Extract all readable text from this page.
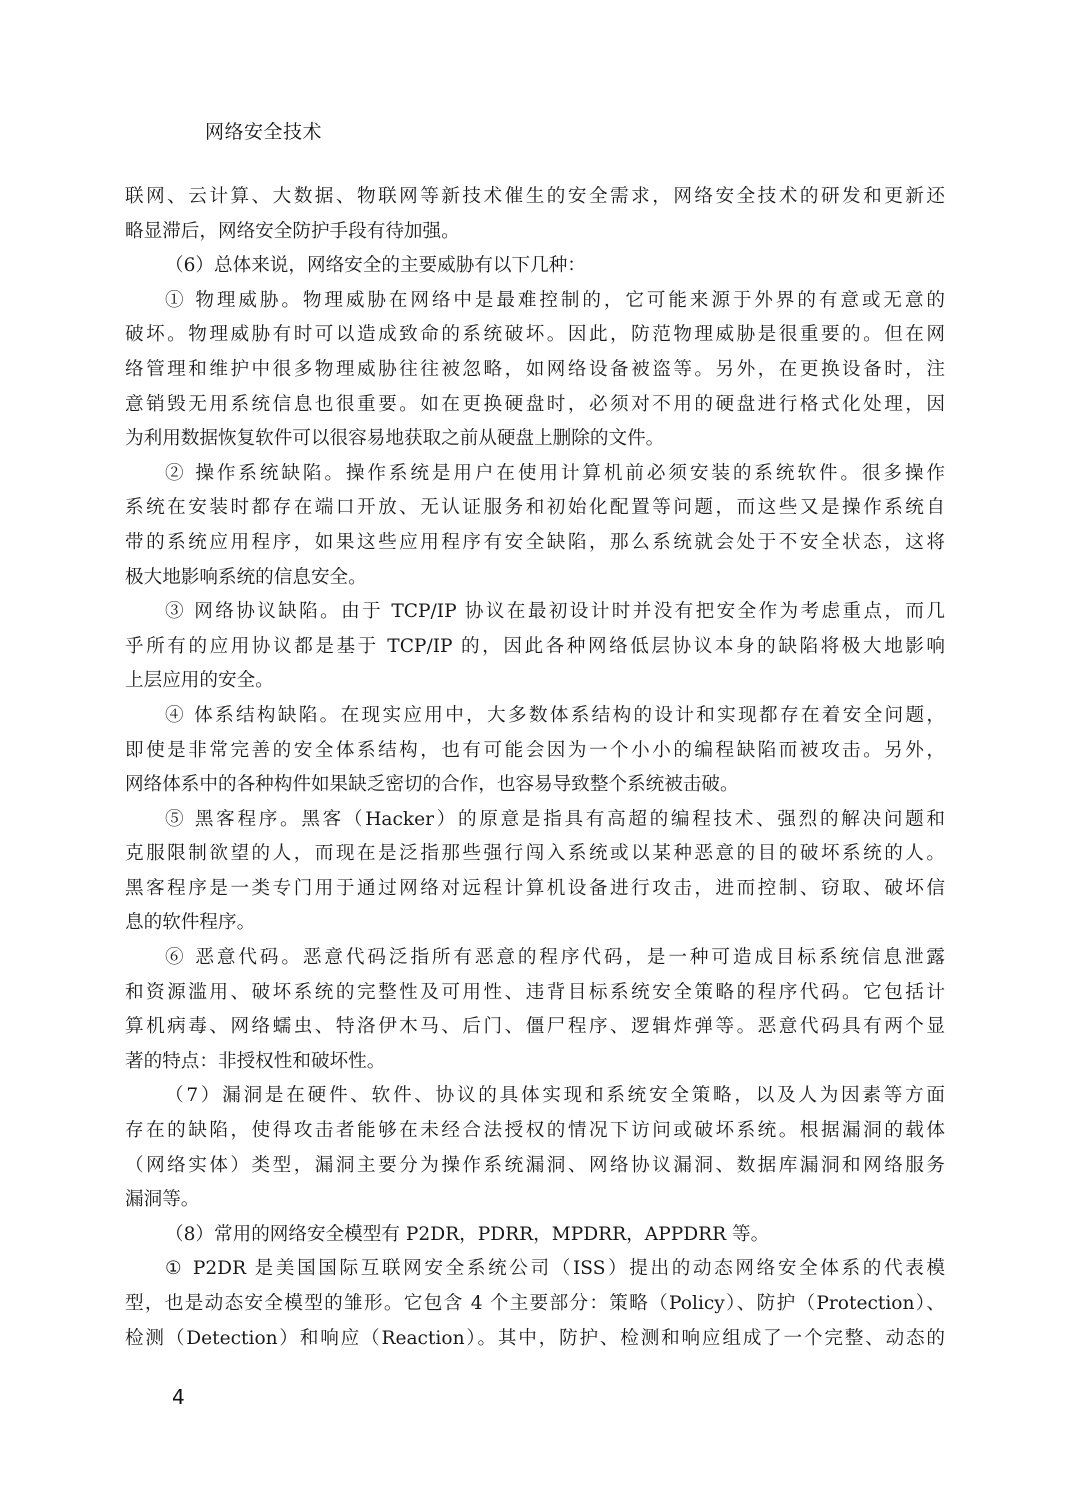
网络安全技术
联网、云计算、大数据、物联网等新技术催生的安全需求，网络安全技术的研发和更新还
略显滞后，网络安全防护手段有待加强。
（6）总体来说，网络安全的主要威胁有以下几种：
① 物理威胁。物理威胁在网络中是最难控制的，它可能来源于外界的有意或无意的
破坏。物理威胁有时可以造成致命的系统破坏。因此，防范物理威胁是很重要的。但在网
络管理和维护中很多物理威胁往往被忽略，如网络设备被盗等。另外，在更换设备时，注
意销毁无用系统信息也很重要。如在更换硬盘时，必须对不用的硬盘进行格式化处理，因
为利用数据恢复软件可以很容易地获取之前从硬盘上删除的文件。
② 操作系统缺陷。操作系统是用户在使用计算机前必须安装的系统软件。很多操作
系统在安装时都存在端口开放、无认证服务和初始化配置等问题，而这些又是操作系统自
带的系统应用程序，如果这些应用程序有安全缺陷，那么系统就会处于不安全状态，这将
极大地影响系统的信息安全。
③ 网络协议缺陷。由于 TCP/IP 协议在最初设计时并没有把安全作为考虑重点，而几
乎所有的应用协议都是基于 TCP/IP 的，因此各种网络低层协议本身的缺陷将极大地影响
上层应用的安全。
④ 体系结构缺陷。在现实应用中，大多数体系结构的设计和实现都存在着安全问题，
即使是非常完善的安全体系结构，也有可能会因为一个小小的编程缺陷而被攻击。另外，
网络体系中的各种构件如果缺乏密切的合作，也容易导致整个系统被击破。
⑤ 黑客程序。黑客（Hacker）的原意是指具有高超的编程技术、强烈的解决问题和
克服限制欲望的人，而现在是泛指那些强行闯入系统或以某种恶意的目的破坏系统的人。
黑客程序是一类专门用于通过网络对远程计算机设备进行攻击，进而控制、窃取、破坏信
息的软件程序。
⑥ 恶意代码。恶意代码泛指所有恶意的程序代码，是一种可造成目标系统信息泄露
和资源滥用、破坏系统的完整性及可用性、违背目标系统安全策略的程序代码。它包括计
算机病毒、网络蠕虫、特洛伊木马、后门、僵尸程序、逻辑炸弹等。恶意代码具有两个显
著的特点：非授权性和破坏性。
（7）漏洞是在硬件、软件、协议的具体实现和系统安全策略，以及人为因素等方面
存在的缺陷，使得攻击者能够在未经合法授权的情况下访问或破坏系统。根据漏洞的载体
（网络实体）类型，漏洞主要分为操作系统漏洞、网络协议漏洞、数据库漏洞和网络服务
漏洞等。
（8）常用的网络安全模型有 P2DR，PDRR，MPDRR，APPDRR 等。
① P2DR 是美国国际互联网安全系统公司（ISS）提出的动态网络安全体系的代表模
型，也是动态安全模型的雏形。它包含 4 个主要部分：策略（Policy）、防护（Protection）、
检测（Detection）和响应（Reaction）。其中，防护、检测和响应组成了一个完整、动态的
4
